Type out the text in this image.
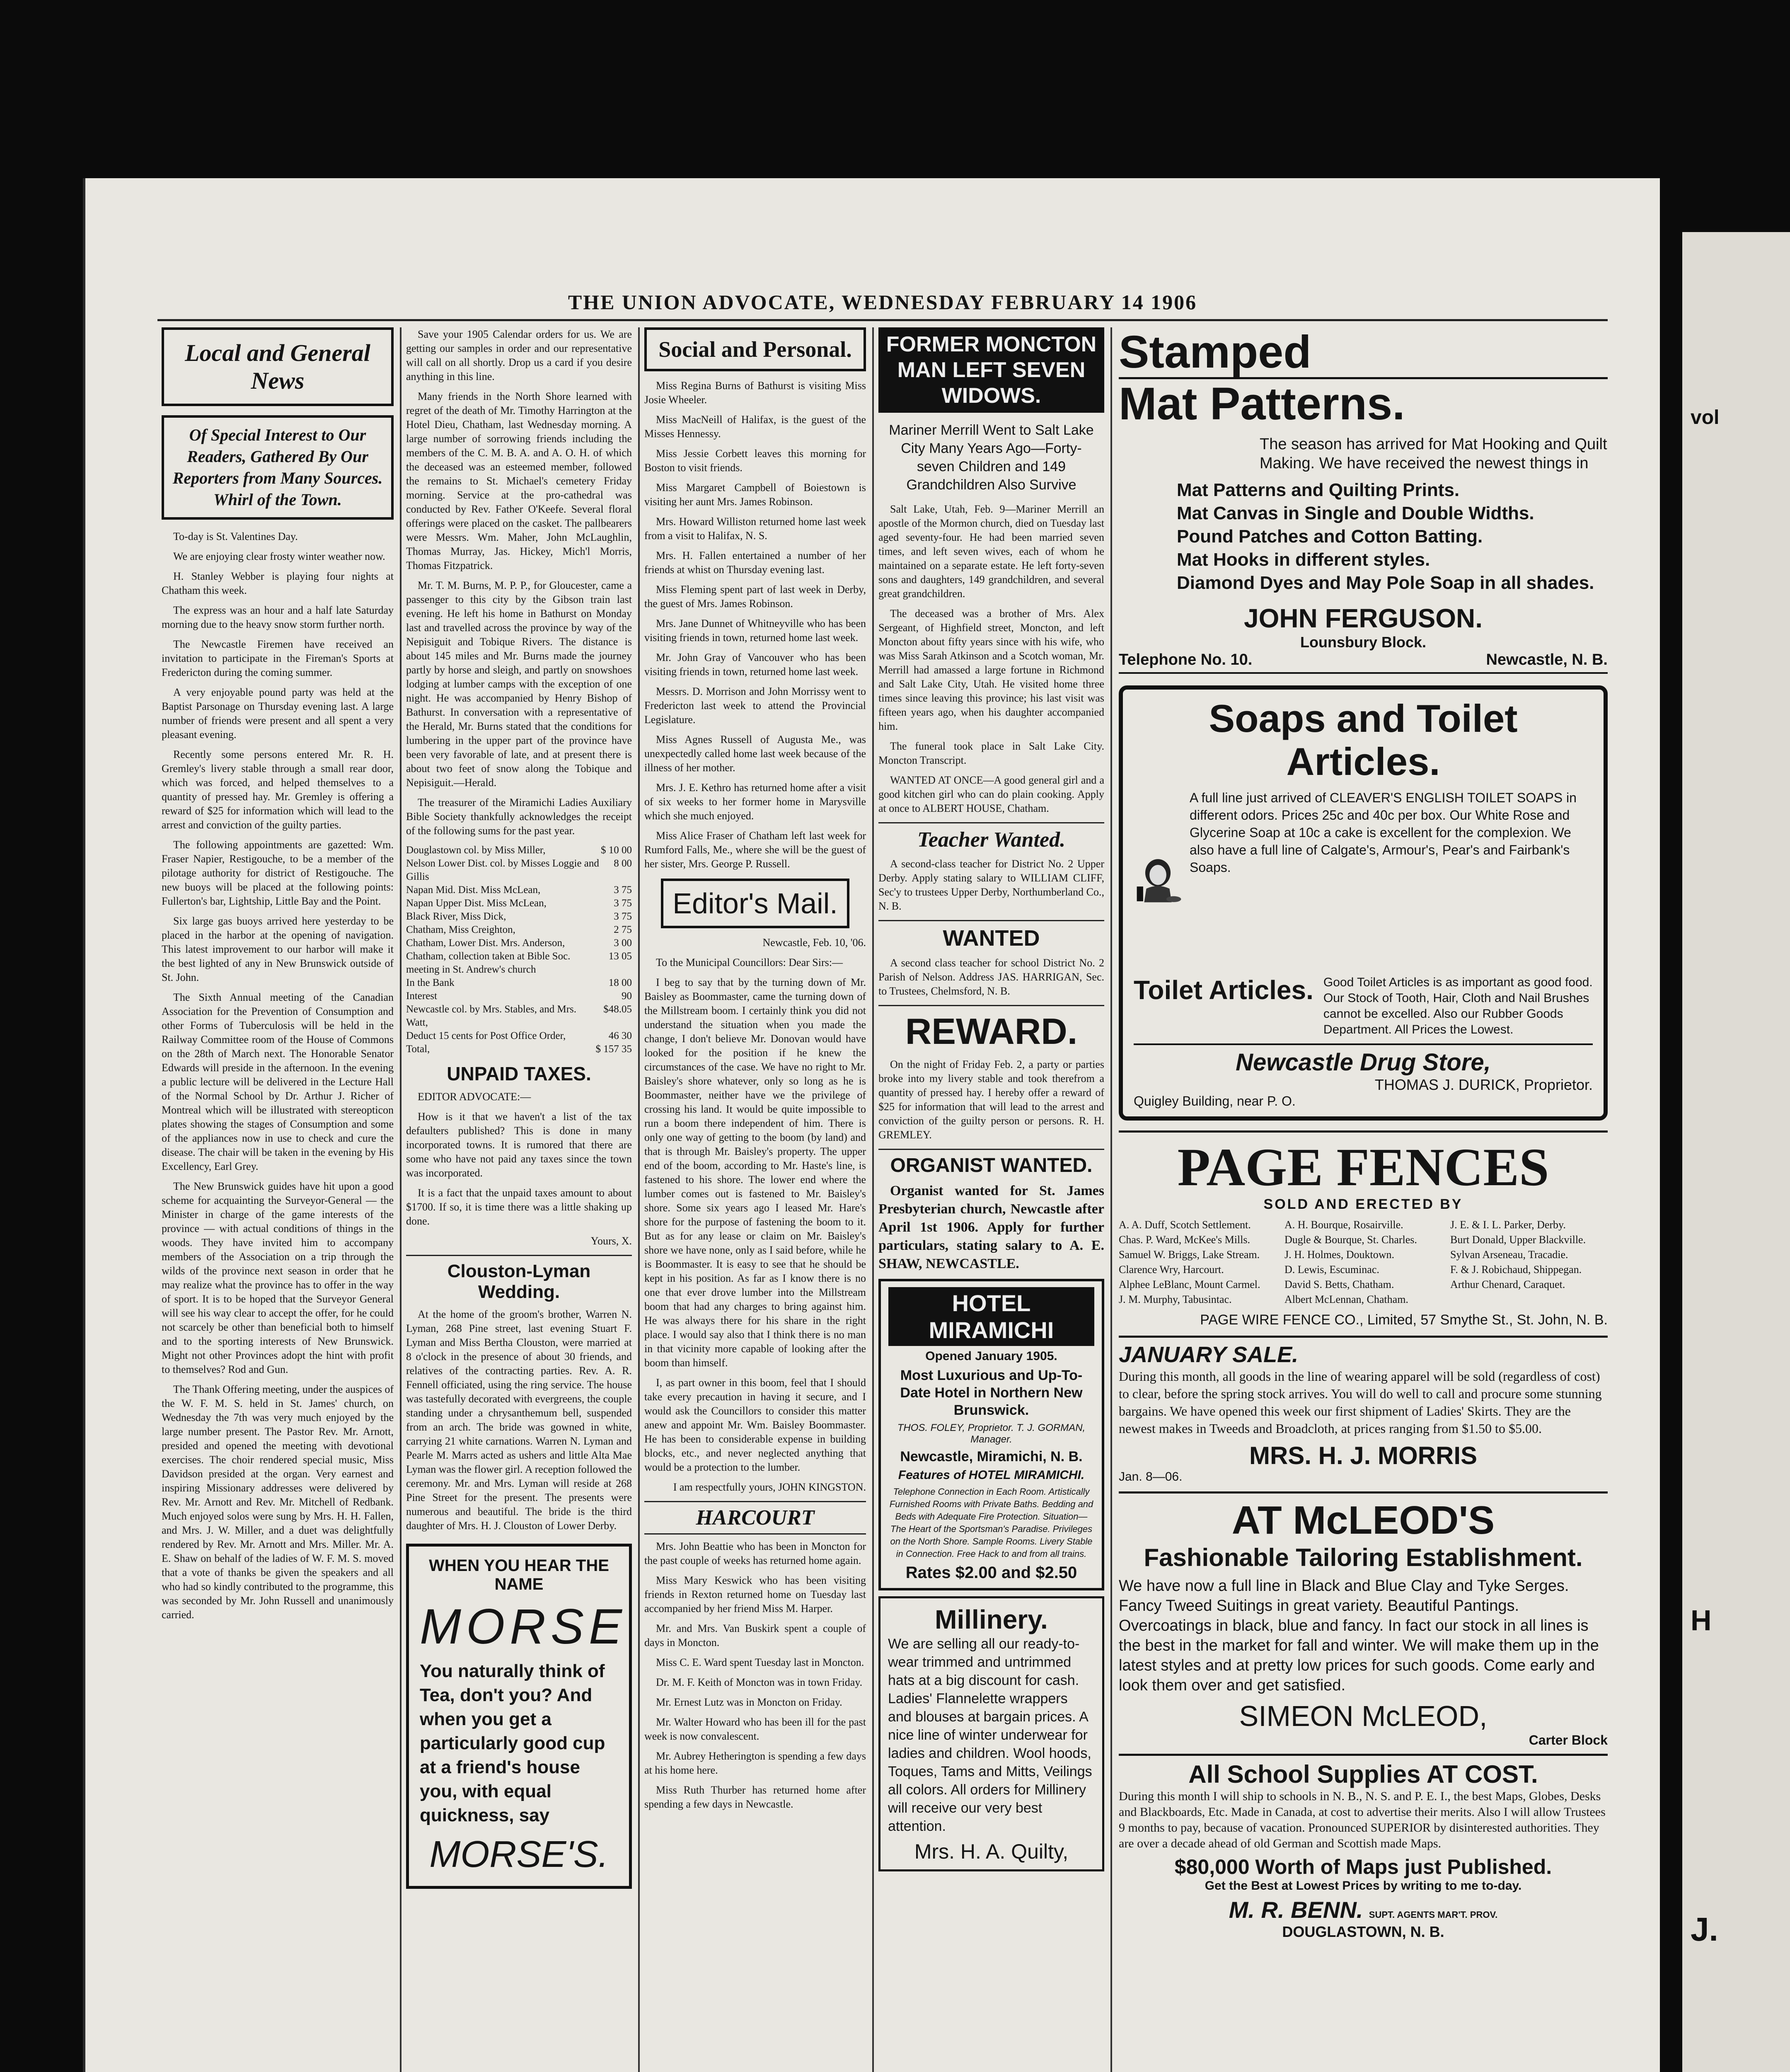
vol
H
J.
THE UNION ADVOCATE, WEDNESDAY FEBRUARY 14 1906
Local and General News
Of Special Interest to Our Readers, Gathered By Our Reporters from Many Sources. Whirl of the Town.

To-day is St. Valentines Day.

We are enjoying clear frosty winter weather now.

H. Stanley Webber is playing four nights at Chatham this week.

The express was an hour and a half late Saturday morning due to the heavy snow storm further north.

The Newcastle Firemen have received an invitation to participate in the Fireman's Sports at Fredericton during the coming summer.

A very enjoyable pound party was held at the Baptist Parsonage on Thursday evening last. A large number of friends were present and all spent a very pleasant evening.

Recently some persons entered Mr. R. H. Gremley's livery stable through a small rear door, which was forced, and helped themselves to a quantity of pressed hay. Mr. Gremley is offering a reward of $25 for information which will lead to the arrest and conviction of the guilty parties.

The following appointments are gazetted: Wm. Fraser Napier, Restigouche, to be a member of the pilotage authority for district of Restigouche. The new buoys will be placed at the following points: Fullerton's bar, Lightship, Little Bay and the Point.

Six large gas buoys arrived here yesterday to be placed in the harbor at the opening of navigation. This latest improvement to our harbor will make it the best lighted of any in New Brunswick outside of St. John.

The Sixth Annual meeting of the Canadian Association for the Prevention of Consumption and other Forms of Tuberculosis will be held in the Railway Committee room of the House of Commons on the 28th of March next. The Honorable Senator Edwards will preside in the afternoon. In the evening a public lecture will be delivered in the Lecture Hall of the Normal School by Dr. Arthur J. Richer of Montreal which will be illustrated with stereopticon plates showing the stages of Consumption and some of the appliances now in use to check and cure the disease. The chair will be taken in the evening by His Excellency, Earl Grey.

The New Brunswick guides have hit upon a good scheme for acquainting the Surveyor-General — the Minister in charge of the game interests of the province — with actual conditions of things in the woods. They have invited him to accompany members of the Association on a trip through the wilds of the province next season in order that he may realize what the province has to offer in the way of sport. It is to be hoped that the Surveyor General will see his way clear to accept the offer, for he could not scarcely be other than beneficial both to himself and to the sporting interests of New Brunswick. Might not other Provinces adopt the hint with profit to themselves? Rod and Gun.

The Thank Offering meeting, under the auspices of the W. F. M. S. held in St. James' church, on Wednesday the 7th was very much enjoyed by the large number present. The Pastor Rev. Mr. Arnott, presided and opened the meeting with devotional exercises. The choir rendered special music, Miss Davidson presided at the organ. Very earnest and inspiring Missionary addresses were delivered by Rev. Mr. Arnott and Rev. Mr. Mitchell of Redbank. Much enjoyed solos were sung by Mrs. H. H. Fallen, and Mrs. J. W. Miller, and a duet was delightfully rendered by Rev. Mr. Arnott and Mrs. Miller. Mr. A. E. Shaw on behalf of the ladies of W. F. M. S. moved that a vote of thanks be given the speakers and all who had so kindly contributed to the programme, this was seconded by Mr. John Russell and unanimously carried.

Save your 1905 Calendar orders for us. We are getting our samples in order and our representative will call on all shortly. Drop us a card if you desire anything in this line.

Many friends in the North Shore learned with regret of the death of Mr. Timothy Harrington at the Hotel Dieu, Chatham, last Wednesday morning. A large number of sorrowing friends including the members of the C. M. B. A. and A. O. H. of which the deceased was an esteemed member, followed the remains to St. Michael's cemetery Friday morning. Service at the pro-cathedral was conducted by Rev. Father O'Keefe. Several floral offerings were placed on the casket. The pallbearers were Messrs. Wm. Maher, John McLaughlin, Thomas Murray, Jas. Hickey, Mich'l Morris, Thomas Fitzpatrick.

Mr. T. M. Burns, M. P. P., for Gloucester, came a passenger to this city by the Gibson train last evening. He left his home in Bathurst on Monday last and travelled across the province by way of the Nepisiguit and Tobique Rivers. The distance is about 145 miles and Mr. Burns made the journey partly by horse and sleigh, and partly on snowshoes lodging at lumber camps with the exception of one night. He was accompanied by Henry Bishop of Bathurst. In conversation with a representative of the Herald, Mr. Burns stated that the conditions for lumbering in the upper part of the province have been very favorable of late, and at present there is about two feet of snow along the Tobique and Nepisiguit.—Herald.

The treasurer of the Miramichi Ladies Auxiliary Bible Society thankfully acknowledges the receipt of the following sums for the past year.

Douglastown col. by Miss Miller,	$ 10 00
Nelson Lower Dist. col. by Misses Loggie and Gillis
8 00
Napan Mid. Dist. Miss McLean,	3 75
Napan Upper Dist. Miss McLean,	3 75
Black River, Miss Dick,	3 75
Chatham, Miss Creighton,	2 75
Chatham, Lower Dist. Mrs. Anderson,	3 00
Chatham, collection taken at Bible Soc. meeting in St. Andrew's church
13 05
In the Bank	18 00
Interest	90
Newcastle col. by Mrs. Stables, and Mrs. Watt,
$48.05
Deduct 15 cents for Post Office Order,	46 30
Total,	$ 157 35
UNPAID TAXES.

EDITOR ADVOCATE:—

How is it that we haven't a list of the tax defaulters published? This is done in many incorporated towns. It is rumored that there are some who have not paid any taxes since the town was incorporated.

It is a fact that the unpaid taxes amount to about $1700. If so, it is time there was a little shaking up done.

Yours, X.

Clouston-Lyman Wedding.

At the home of the groom's brother, Warren N. Lyman, 268 Pine street, last evening Stuart F. Lyman and Miss Bertha Clouston, were married at 8 o'clock in the presence of about 30 friends, and relatives of the contracting parties. Rev. A. R. Fennell officiated, using the ring service. The house was tastefully decorated with evergreens, the couple standing under a chrysanthemum bell, suspended from an arch. The bride was gowned in white, carrying 21 white carnations. Warren N. Lyman and Pearle M. Marrs acted as ushers and little Alta Mae Lyman was the flower girl. A reception followed the ceremony. Mr. and Mrs. Lyman will reside at 268 Pine Street for the present. The presents were numerous and beautiful. The bride is the third daughter of Mrs. H. J. Clouston of Lower Derby.

WHEN YOU HEAR THE NAME
MORSE
You naturally think of Tea, don't you? And when you get a particularly good cup at a friend's house you, with equal quickness, say
MORSE'S.
Social and Personal.

Miss Regina Burns of Bathurst is visiting Miss Josie Wheeler.

Miss MacNeill of Halifax, is the guest of the Misses Hennessy.

Miss Jessie Corbett leaves this morning for Boston to visit friends.

Miss Margaret Campbell of Boiestown is visiting her aunt Mrs. James Robinson.

Mrs. Howard Williston returned home last week from a visit to Halifax, N. S.

Mrs. H. Fallen entertained a number of her friends at whist on Thursday evening last.

Miss Fleming spent part of last week in Derby, the guest of Mrs. James Robinson.

Mrs. Jane Dunnet of Whitneyville who has been visiting friends in town, returned home last week.

Mr. John Gray of Vancouver who has been visiting friends in town, returned home last week.

Messrs. D. Morrison and John Morrissy went to Fredericton last week to attend the Provincial Legislature.

Miss Agnes Russell of Augusta Me., was unexpectedly called home last week because of the illness of her mother.

Mrs. J. E. Kethro has returned home after a visit of six weeks to her former home in Marysville which she much enjoyed.

Miss Alice Fraser of Chatham left last week for Rumford Falls, Me., where she will be the guest of her sister, Mrs. George P. Russell.

Editor's Mail.

Newcastle, Feb. 10, '06.

To the Municipal Councillors: Dear Sirs:—

I beg to say that by the turning down of Mr. Baisley as Boommaster, came the turning down of the Millstream boom. I certainly think you did not understand the situation when you made the change, I don't believe Mr. Donovan would have looked for the position if he knew the circumstances of the case. We have no right to Mr. Baisley's shore whatever, only so long as he is Boommaster, neither have we the privilege of crossing his land. It would be quite impossible to run a boom there independent of him. There is only one way of getting to the boom (by land) and that is through Mr. Baisley's property. The upper end of the boom, according to Mr. Haste's line, is fastened to his shore. The lower end where the lumber comes out is fastened to Mr. Baisley's shore. Some six years ago I leased Mr. Hare's shore for the purpose of fastening the boom to it. But as for any lease or claim on Mr. Baisley's shore we have none, only as I said before, while he is Boommaster. It is easy to see that he should be kept in his position. As far as I know there is no one that ever drove lumber into the Millstream boom that had any charges to bring against him. He was always there for his share in the right place. I would say also that I think there is no man in that vicinity more capable of looking after the boom than himself.

I, as part owner in this boom, feel that I should take every precaution in having it secure, and I would ask the Councillors to consider this matter anew and appoint Mr. Wm. Baisley Boommaster. He has been to considerable expense in building blocks, etc., and never neglected anything that would be a protection to the lumber.

I am respectfully yours, JOHN KINGSTON.

HARCOURT

Mrs. John Beattie who has been in Moncton for the past couple of weeks has returned home again.

Miss Mary Keswick who has been visiting friends in Rexton returned home on Tuesday last accompanied by her friend Miss M. Harper.

Mr. and Mrs. Van Buskirk spent a couple of days in Moncton.

Miss C. E. Ward spent Tuesday last in Moncton.

Dr. M. F. Keith of Moncton was in town Friday.

Mr. Ernest Lutz was in Moncton on Friday.

Mr. Walter Howard who has been ill for the past week is now convalescent.

Mr. Aubrey Hetherington is spending a few days at his home here.

Miss Ruth Thurber has returned home after spending a few days in Newcastle.

FORMER MONCTON MAN LEFT SEVEN WIDOWS.
Mariner Merrill Went to Salt Lake City Many Years Ago—Forty-seven Children and 149 Grandchildren Also Survive

Salt Lake, Utah, Feb. 9—Mariner Merrill an apostle of the Mormon church, died on Tuesday last aged seventy-four. He had been married seven times, and left seven wives, each of whom he maintained on a separate estate. He left forty-seven sons and daughters, 149 grandchildren, and several great grandchildren.

The deceased was a brother of Mrs. Alex Sergeant, of Highfield street, Moncton, and left Moncton about fifty years since with his wife, who was Miss Sarah Atkinson and a Scotch woman, Mr. Merrill had amassed a large fortune in Richmond and Salt Lake City, Utah. He visited home three times since leaving this province; his last visit was fifteen years ago, when his daughter accompanied him.

The funeral took place in Salt Lake City. Moncton Transcript.

WANTED AT ONCE—A good general girl and a good kitchen girl who can do plain cooking. Apply at once to ALBERT HOUSE, Chatham.

Teacher Wanted.

A second-class teacher for District No. 2 Upper Derby. Apply stating salary to WILLIAM CLIFF, Sec'y to trustees Upper Derby, Northumberland Co., N. B.

WANTED

A second class teacher for school District No. 2 Parish of Nelson. Address JAS. HARRIGAN, Sec. to Trustees, Chelmsford, N. B.

REWARD.

On the night of Friday Feb. 2, a party or parties broke into my livery stable and took therefrom a quantity of pressed hay. I hereby offer a reward of $25 for information that will lead to the arrest and conviction of the guilty person or persons. R. H. GREMLEY.

ORGANIST WANTED.

Organist wanted for St. James Presbyterian church, Newcastle after April 1st 1906. Apply for further particulars, stating salary to A. E. SHAW, NEWCASTLE.

HOTEL MIRAMICHI
Opened January 1905.
Most Luxurious and Up-To-Date Hotel in Northern New Brunswick.
THOS. FOLEY, Proprietor. T. J. GORMAN, Manager.
Newcastle, Miramichi, N. B.
Features of HOTEL MIRAMICHI.
Telephone Connection in Each Room. Artistically Furnished Rooms with Private Baths. Bedding and Beds with Adequate Fire Protection. Situation—The Heart of the Sportsman's Paradise. Privileges on the North Shore. Sample Rooms. Livery Stable in Connection. Free Hack to and from all trains.
Rates $2.00 and $2.50
Millinery.
We are selling all our ready-to-wear trimmed and untrimmed hats at a big discount for cash. Ladies' Flannelette wrappers and blouses at bargain prices. A nice line of winter underwear for ladies and children. Wool hoods, Toques, Tams and Mitts, Veilings all colors. All orders for Millinery will receive our very best attention.
Mrs. H. A. Quilty,
Stamped
Mat Patterns.
The season has arrived for Mat Hooking and Quilt Making. We have received the newest things in
Mat Patterns and Quilting Prints.
Mat Canvas in Single and Double Widths.
Pound Patches and Cotton Batting.
Mat Hooks in different styles.
Diamond Dyes and May Pole Soap in all shades.
JOHN FERGUSON.
Lounsbury Block.
Telephone No. 10.	Newcastle, N. B.
Soaps and Toilet Articles.
A full line just arrived of CLEAVER'S ENGLISH TOILET SOAPS in different odors. Prices 25c and 40c per box. Our White Rose and Glycerine Soap at 10c a cake is excellent for the complexion. We also have a full line of Calgate's, Armour's, Pear's and Fairbank's Soaps.
Toilet Articles. Good Toilet Articles is as important as good food. Our Stock of Tooth, Hair, Cloth and Nail Brushes cannot be excelled. Also our Rubber Goods Department. All Prices the Lowest.
Newcastle Drug Store,
THOMAS J. DURICK, Proprietor.
Quigley Building, near P. O.
PAGE FENCES
SOLD AND ERECTED BY
A. A. Duff, Scotch Settlement.	A. H. Bourque, Rosairville.	J. E. & I. L. Parker, Derby.
Chas. P. Ward, McKee's Mills.	Dugle & Bourque, St. Charles.	Burt Donald, Upper Blackville.
Samuel W. Briggs, Lake Stream.	J. H. Holmes, Douktown.	Sylvan Arseneau, Tracadie.
Clarence Wry, Harcourt.	D. Lewis, Escuminac.	F. & J. Robichaud, Shippegan.
Alphee LeBlanc, Mount Carmel.	David S. Betts, Chatham.	Arthur Chenard, Caraquet.
J. M. Murphy, Tabusintac.	Albert McLennan, Chatham.
PAGE WIRE FENCE CO., Limited, 57 Smythe St., St. John, N. B.
JANUARY SALE.
During this month, all goods in the line of wearing apparel will be sold (regardless of cost) to clear, before the spring stock arrives. You will do well to call and procure some stunning bargains. We have opened this week our first shipment of Ladies' Skirts. They are the newest makes in Tweeds and Broadcloth, at prices ranging from $1.50 to $5.00.
MRS. H. J. MORRIS
Jan. 8—06.
AT McLEOD'S
Fashionable Tailoring Establishment.
We have now a full line in Black and Blue Clay and Tyke Serges. Fancy Tweed Suitings in great variety. Beautiful Pantings. Overcoatings in black, blue and fancy. In fact our stock in all lines is the best in the market for fall and winter. We will make them up in the latest styles and at pretty low prices for such goods. Come early and look them over and get satisfied.
SIMEON McLEOD,
Carter Block
All School Supplies AT COST.
During this month I will ship to schools in N. B., N. S. and P. E. I., the best Maps, Globes, Desks and Blackboards, Etc. Made in Canada, at cost to advertise their merits. Also I will allow Trustees 9 months to pay, because of vacation. Pronounced SUPERIOR by disinterested authorities. They are over a decade ahead of old German and Scottish made Maps.
$80,000 Worth of Maps just Published.
Get the Best at Lowest Prices by writing to me to-day.
M. R. BENN. SUPT. AGENTS MAR'T. PROV.
DOUGLASTOWN, N. B.
